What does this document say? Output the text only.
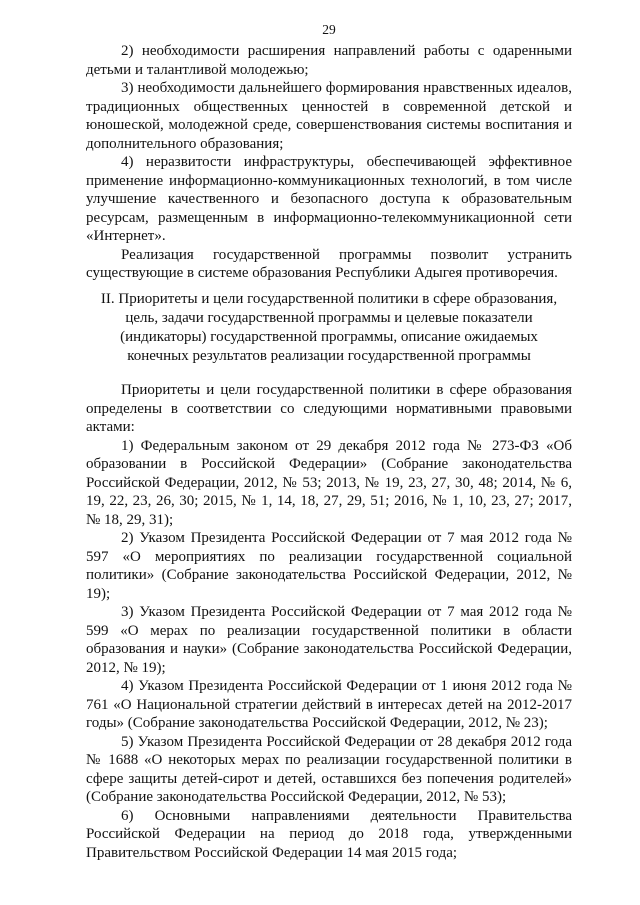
29

2) необходимости расширения направлений работы с одаренными детьми и талантливой молодежью;

3) необходимости дальнейшего формирования нравственных идеалов, традиционных общественных ценностей в современной детской и юношеской, молодежной среде, совершенствования системы воспитания и дополнительного образования;

4) неразвитости инфраструктуры, обеспечивающей эффективное применение информационно-коммуникационных технологий, в том числе улучшение качественного и безопасного доступа к образовательным ресурсам, размещенным в информационно-телекоммуникационной сети «Интернет».

Реализация государственной программы позволит устранить существующие в системе образования Республики Адыгея противоречия.

II. Приоритеты и цели государственной политики в сфере образования, цель, задачи государственной программы и целевые показатели (индикаторы) государственной программы, описание ожидаемых конечных результатов реализации государственной программы

Приоритеты и цели государственной политики в сфере образования определены в соответствии со следующими нормативными правовыми актами:

1) Федеральным законом от 29 декабря 2012 года № 273-ФЗ «Об образовании в Российской Федерации» (Собрание законодательства Российской Федерации, 2012, № 53; 2013, № 19, 23, 27, 30, 48; 2014, № 6, 19, 22, 23, 26, 30; 2015, № 1, 14, 18, 27, 29, 51; 2016, № 1, 10, 23, 27; 2017, № 18, 29, 31);

2) Указом Президента Российской Федерации от 7 мая 2012 года № 597 «О мероприятиях по реализации государственной социальной политики» (Собрание законодательства Российской Федерации, 2012, № 19);

3) Указом Президента Российской Федерации от 7 мая 2012 года № 599 «О мерах по реализации государственной политики в области образования и науки» (Собрание законодательства Российской Федерации, 2012, № 19);

4) Указом Президента Российской Федерации от 1 июня 2012 года № 761 «О Национальной стратегии действий в интересах детей на 2012-2017 годы» (Собрание законодательства Российской Федерации, 2012, № 23);

5) Указом Президента Российской Федерации от 28 декабря 2012 года № 1688 «О некоторых мерах по реализации государственной политики в сфере защиты детей-сирот и детей, оставшихся без попечения родителей» (Собрание законодательства Российской Федерации, 2012, № 53);

6) Основными направлениями деятельности Правительства Российской Федерации на период до 2018 года, утвержденными Правительством Российской Федерации 14 мая 2015 года;
